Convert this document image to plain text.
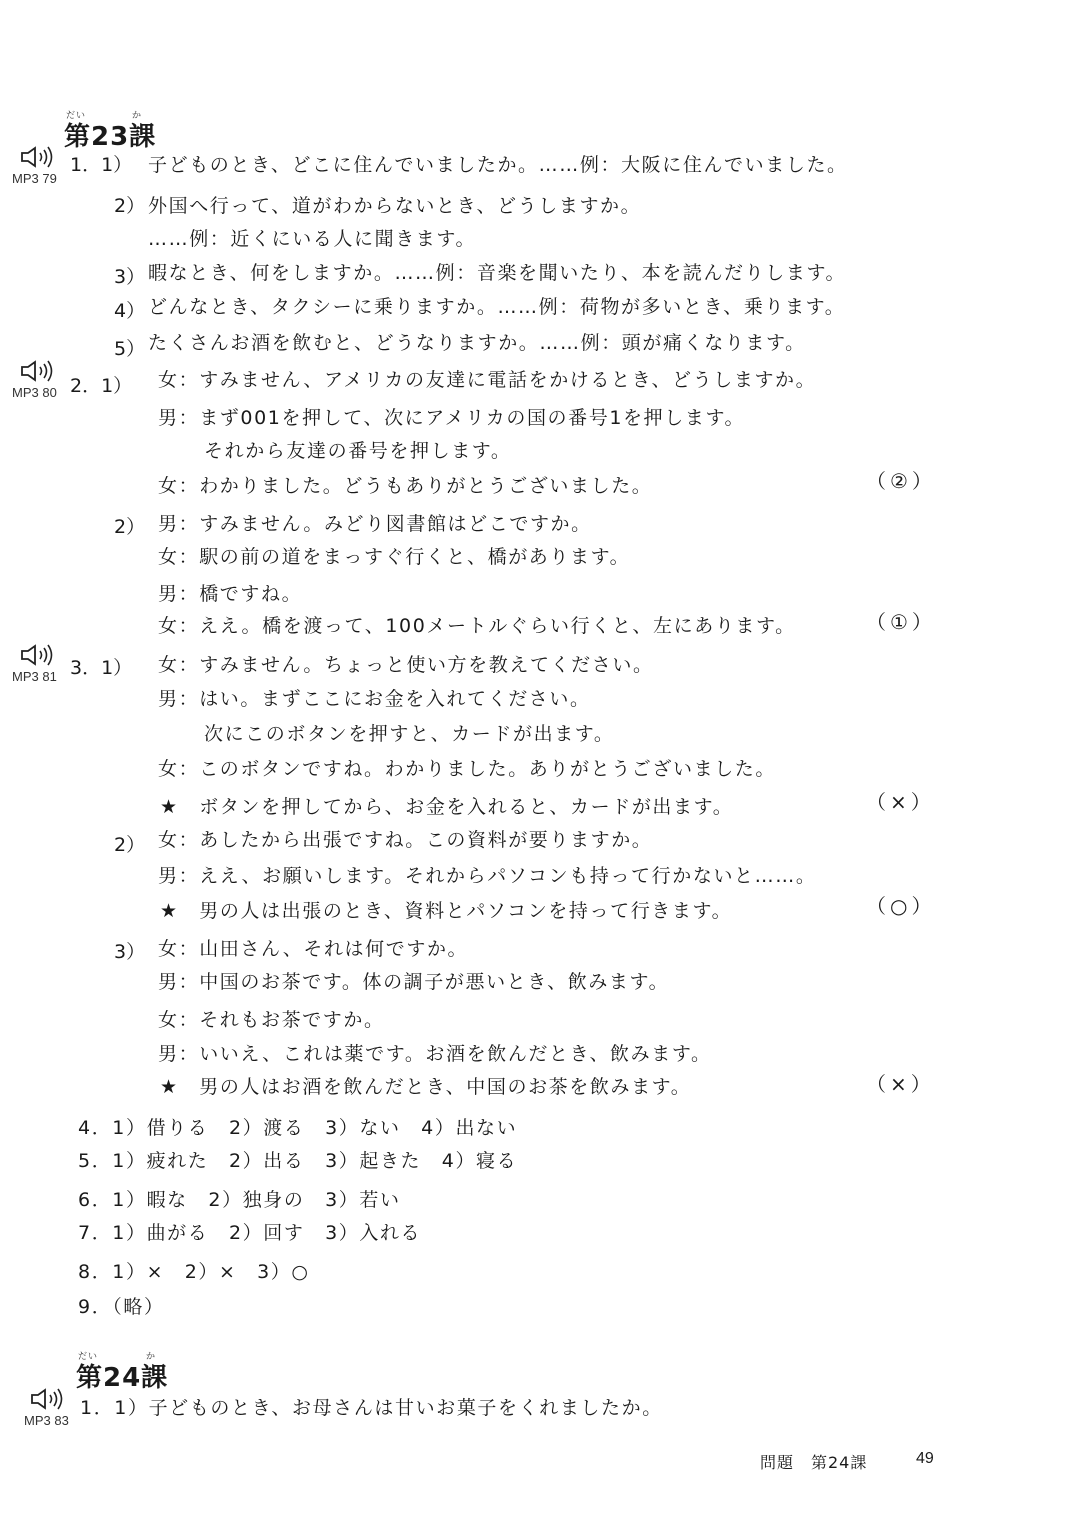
だい	か
第23課
MP3 79
MP3 80
MP3 81
1．1） 子どものとき、どこに住んでいましたか。……例：大阪に住んでいました。
2） 外国へ行って、道がわからないとき、どうしますか。
……例：近くにいる人に聞きます。
3） 暇なとき、何をしますか。……例：音楽を聞いたり、本を読んだりします。
4） どんなとき、タクシーに乗りますか。……例：荷物が多いとき、乗ります。
5） たくさんお酒を飲むと、どうなりますか。……例：頭が痛くなります。
2．1） 女：すみません、アメリカの友達に電話をかけるとき、どうしますか。
男：まず001を押して、次にアメリカの国の番号1を押します。
それから友達の番号を押します。
女：わかりました。どうもありがとうございました。	（②）
2） 男：すみません。みどり図書館はどこですか。
女：駅の前の道をまっすぐ行くと、橋があります。
男：橋ですね。
女：ええ。橋を渡って、100メートルぐらい行くと、左にあります。	（①）
3．1） 女：すみません。ちょっと使い方を教えてください。
男：はい。まずここにお金を入れてください。
次にこのボタンを押すと、カードが出ます。
女：このボタンですね。わかりました。ありがとうございました。
★　ボタンを押してから、お金を入れると、カードが出ます。	（×）
2） 女：あしたから出張ですね。この資料が要りますか。
男：ええ、お願いします。それからパソコンも持って行かないと……。
★　男の人は出張のとき、資料とパソコンを持って行きます。	（○）
3） 女：山田さん、それは何ですか。
男：中国のお茶です。体の調子が悪いとき、飲みます。
女：それもお茶ですか。
男：いいえ、これは薬です。お酒を飲んだとき、飲みます。
★　男の人はお酒を飲んだとき、中国のお茶を飲みます。	（×）
4．1）借りる　2）渡る　3）ない　4）出ない
5．1）疲れた　2）出る　3）起きた　4）寝る
6．1）暇な　2）独身の　3）若い
7．1）曲がる　2）回す　3）入れる
8．1）×　2）×　3）○
9．（略）
だい	か
第24課
MP3 83
1．1）子どものとき、お母さんは甘いお菓子をくれましたか。
問題　第24課	49
